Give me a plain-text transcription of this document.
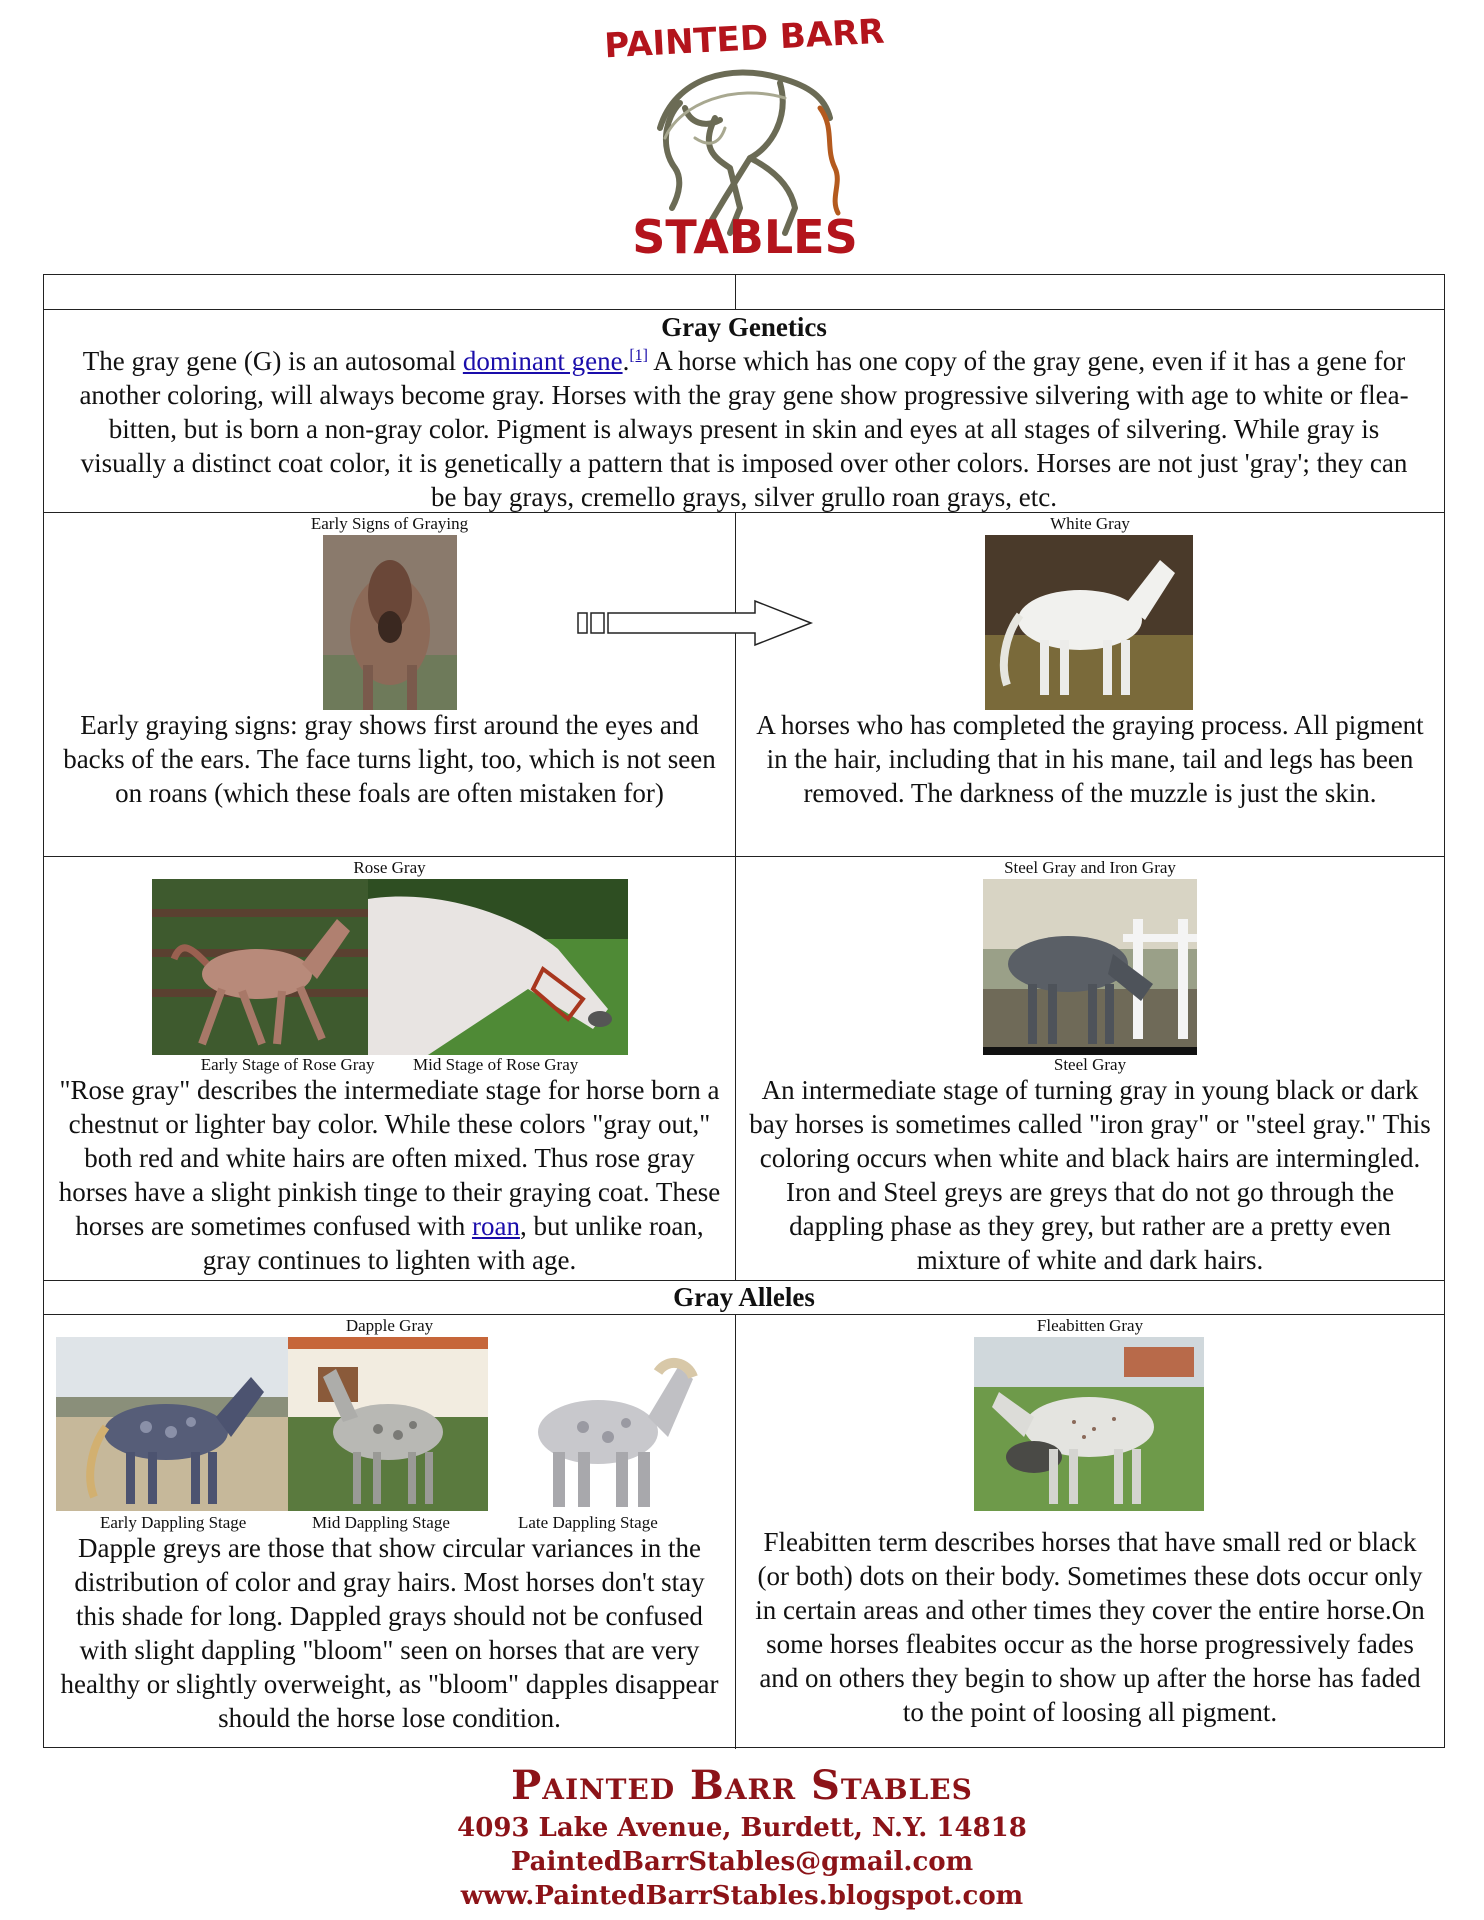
PAINTED BARR
STABLES
Gray Genetics
The gray gene (G) is an autosomal dominant gene.[1] A horse which has one copy of the gray gene, even if it has a gene for another coloring, will always become gray. Horses with the gray gene show progressive silvering with age to white or flea-bitten, but is born a non-gray color. Pigment is always present in skin and eyes at all stages of silvering. While gray is visually a distinct coat color, it is genetically a pattern that is imposed over other colors. Horses are not just 'gray'; they can be bay grays, cremello grays, silver grullo roan grays, etc.
Early Signs of Graying
Early graying signs: gray shows first around the eyes and backs of the ears. The face turns light, too, which is not seen on roans (which these foals are often mistaken for)
White Gray
A horses who has completed the graying process. All pigment in the hair, including that in his mane, tail and legs has been removed. The darkness of the muzzle is just the skin.
Rose Gray
Early Stage of Rose Gray Mid Stage of Rose Gray
"Rose gray" describes the intermediate stage for horse born a chestnut or lighter bay color. While these colors "gray out," both red and white hairs are often mixed. Thus rose gray horses have a slight pinkish tinge to their graying coat. These horses are sometimes confused with roan, but unlike roan, gray continues to lighten with age.
Steel Gray and Iron Gray
Steel Gray
An intermediate stage of turning gray in young black or dark bay horses is sometimes called "iron gray" or "steel gray." This coloring occurs when white and black hairs are intermingled. Iron and Steel greys are greys that do not go through the dappling phase as they grey, but rather are a pretty even mixture of white and dark hairs.
Gray Alleles
Dapple Gray
Early Dappling Stage	Mid Dappling Stage	Late Dappling Stage
Dapple greys are those that show circular variances in the distribution of color and gray hairs. Most horses don't stay this shade for long. Dappled grays should not be confused with slight dappling "bloom" seen on horses that are very healthy or slightly overweight, as "bloom" dapples disappear should the horse lose condition.
Fleabitten Gray
Fleabitten term describes horses that have small red or black (or both) dots on their body. Sometimes these dots occur only in certain areas and other times they cover the entire horse.On some horses fleabites occur as the horse progressively fades and on others they begin to show up after the horse has faded to the point of loosing all pigment.
Painted Barr Stables
4093 Lake Avenue, Burdett, N.Y. 14818
PaintedBarrStables@gmail.com
www.PaintedBarrStables.blogspot.com
